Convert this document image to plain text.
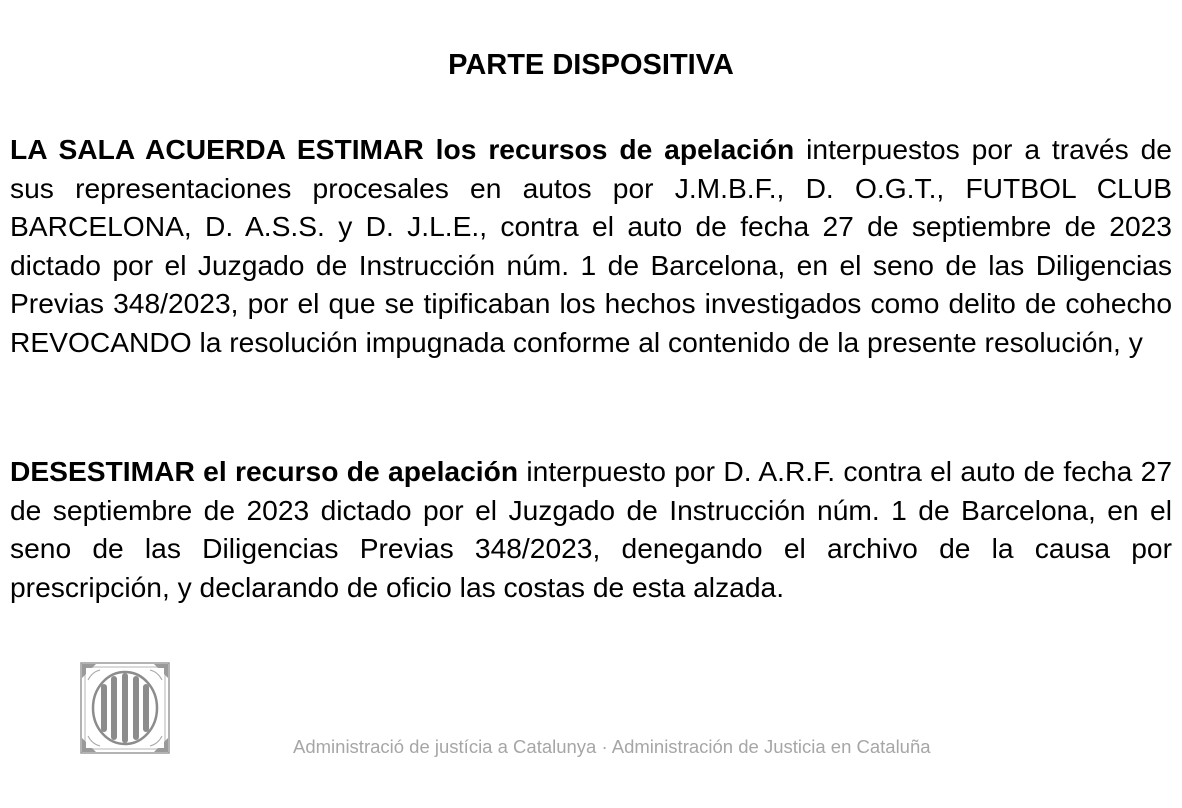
PARTE DISPOSITIVA

LA SALA ACUERDA ESTIMAR los recursos de apelación interpuestos por a través de sus representaciones procesales en autos por J.M.B.F., D. O.G.T., FUTBOL CLUB BARCELONA, D. A.S.S. y D. J.L.E., contra el auto de fecha 27 de septiembre de 2023 dictado por el Juzgado de Instrucción núm. 1 de Barcelona, en el seno de las Diligencias Previas 348/2023, por el que se tipificaban los hechos investigados como delito de cohecho REVOCANDO la resolución impugnada conforme al contenido de la presente resolución, y

DESESTIMAR el recurso de apelación interpuesto por D. A.R.F. contra el auto de fecha 27 de septiembre de 2023 dictado por el Juzgado de Instrucción núm. 1 de Barcelona, en el seno de las Diligencias Previas 348/2023, denegando el archivo de la causa por prescripción, y declarando de oficio las costas de esta alzada.

Administració de justícia a Catalunya · Administración de Justicia en Cataluña
